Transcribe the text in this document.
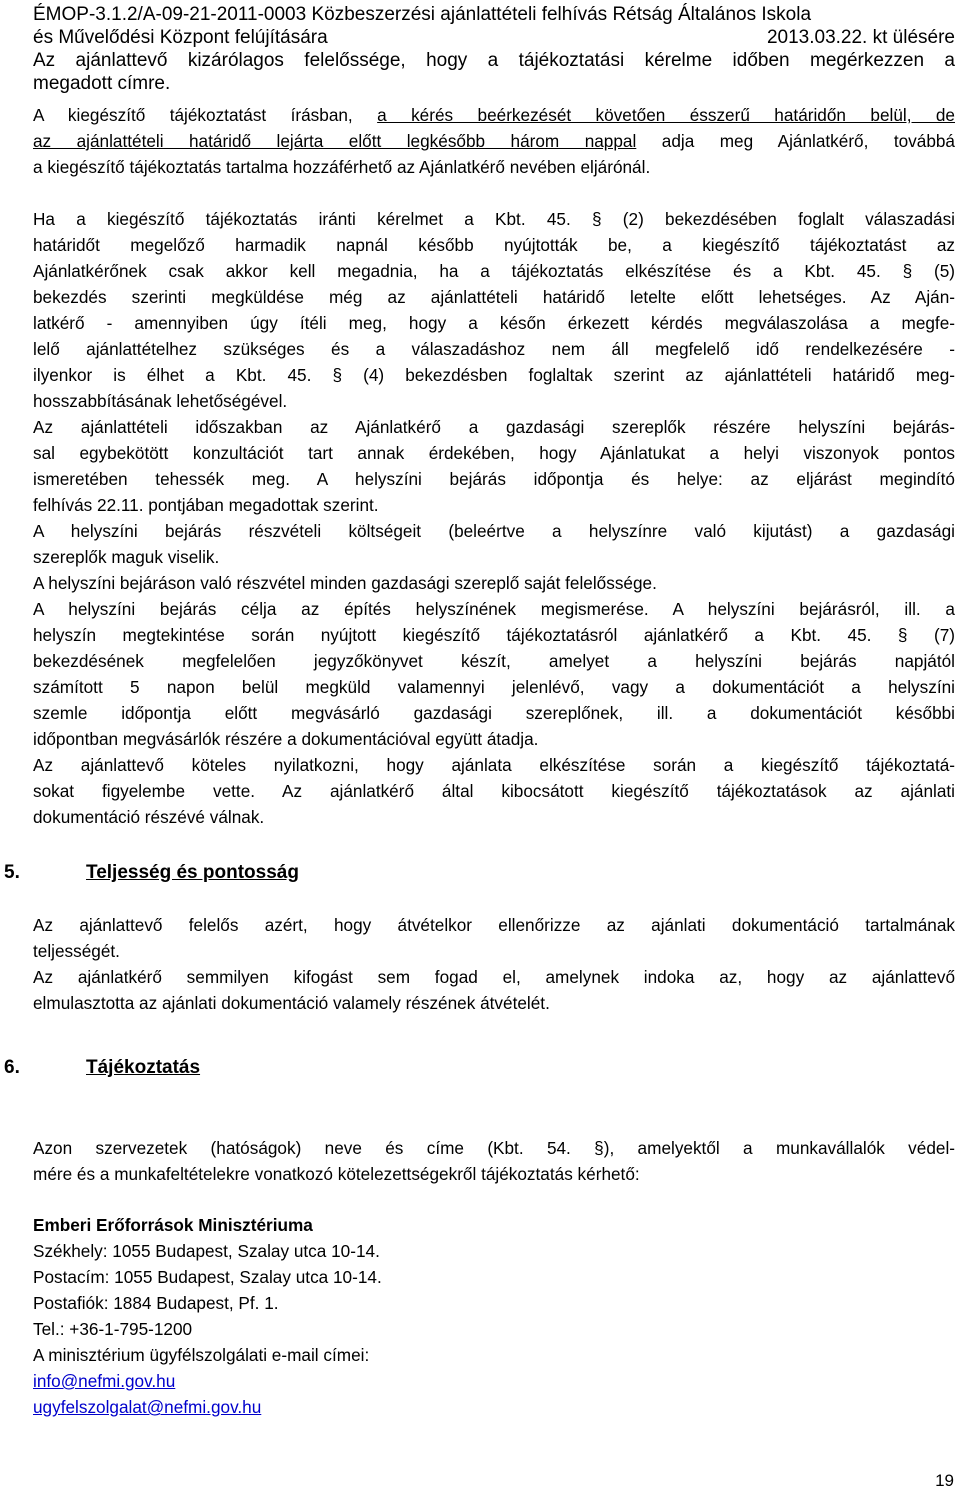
ÉMOP-3.1.2/A-09-21-2011-0003 Közbeszerzési ajánlattételi felhívás Rétság Általános Iskola
és Művelődési Központ felújítására	2013.03.22. kt ülésére
Az ajánlattevő kizárólagos felelőssége, hogy a tájékoztatási kérelme időben megérkezzen a
megadott címre.
A kiegészítő tájékoztatást írásban, a kérés beérkezését követően ésszerű határidőn belül, de
az ajánlattételi határidő lejárta előtt legkésőbb három nappal adja meg Ajánlatkérő, továbbá
a kiegészítő tájékoztatás tartalma hozzáférhető az Ajánlatkérő nevében eljárónál.
Ha a kiegészítő tájékoztatás iránti kérelmet a Kbt. 45. § (2) bekezdésében foglalt válaszadási
határidőt megelőző harmadik napnál később nyújtották be, a kiegészítő tájékoztatást az
Ajánlatkérőnek csak akkor kell megadnia, ha a tájékoztatás elkészítése és a Kbt. 45. § (5)
bekezdés szerinti megküldése még az ajánlattételi határidő letelte előtt lehetséges. Az Aján-
latkérő - amennyiben úgy ítéli meg, hogy a későn érkezett kérdés megválaszolása a megfe-
lelő ajánlattételhez szükséges és a válaszadáshoz nem áll megfelelő idő rendelkezésére -
ilyenkor is élhet a Kbt. 45. § (4) bekezdésben foglaltak szerint az ajánlattételi határidő meg-
hosszabbításának lehetőségével.
Az ajánlattételi időszakban az Ajánlatkérő a gazdasági szereplők részére helyszíni bejárás-
sal egybekötött konzultációt tart annak érdekében, hogy Ajánlatukat a helyi viszonyok pontos
ismeretében tehessék meg. A helyszíni bejárás időpontja és helye: az eljárást megindító
felhívás 22.11. pontjában megadottak szerint.
A helyszíni bejárás részvételi költségeit (beleértve a helyszínre való kijutást) a gazdasági
szereplők maguk viselik.
A helyszíni bejáráson való részvétel minden gazdasági szereplő saját felelőssége.
A helyszíni bejárás célja az építés helyszínének megismerése. A helyszíni bejárásról, ill. a
helyszín megtekintése során nyújtott kiegészítő tájékoztatásról ajánlatkérő a Kbt. 45. § (7)
bekezdésének megfelelően jegyzőkönyvet készít, amelyet a helyszíni bejárás napjától
számított 5 napon belül megküld valamennyi jelenlévő, vagy a dokumentációt a helyszíni
szemle időpontja előtt megvásárló gazdasági szereplőnek, ill. a dokumentációt későbbi
időpontban megvásárlók részére a dokumentációval együtt átadja.
Az ajánlattevő köteles nyilatkozni, hogy ajánlata elkészítése során a kiegészítő tájékoztatá-
sokat figyelembe vette. Az ajánlatkérő által kibocsátott kiegészítő tájékoztatások az ajánlati
dokumentáció részévé válnak.
5.	Teljesség és pontosság
Az ajánlattevő felelős azért, hogy átvételkor ellenőrizze az ajánlati dokumentáció tartalmának
teljességét.
Az ajánlatkérő semmilyen kifogást sem fogad el, amelynek indoka az, hogy az ajánlattevő
elmulasztotta az ajánlati dokumentáció valamely részének átvételét.
6.	Tájékoztatás
Azon szervezetek (hatóságok) neve és címe (Kbt. 54. §), amelyektől a munkavállalók védel-
mére és a munkafeltételekre vonatkozó kötelezettségekről tájékoztatás kérhető:
Emberi Erőforrások Minisztériuma
Székhely: 1055 Budapest, Szalay utca 10-14.
Postacím: 1055 Budapest, Szalay utca 10-14.
Postafiók: 1884 Budapest, Pf. 1.
Tel.: +36-1-795-1200
A minisztérium ügyfélszolgálati e-mail címei:
info@nefmi.gov.hu
ugyfelszolgalat@nefmi.gov.hu
19
